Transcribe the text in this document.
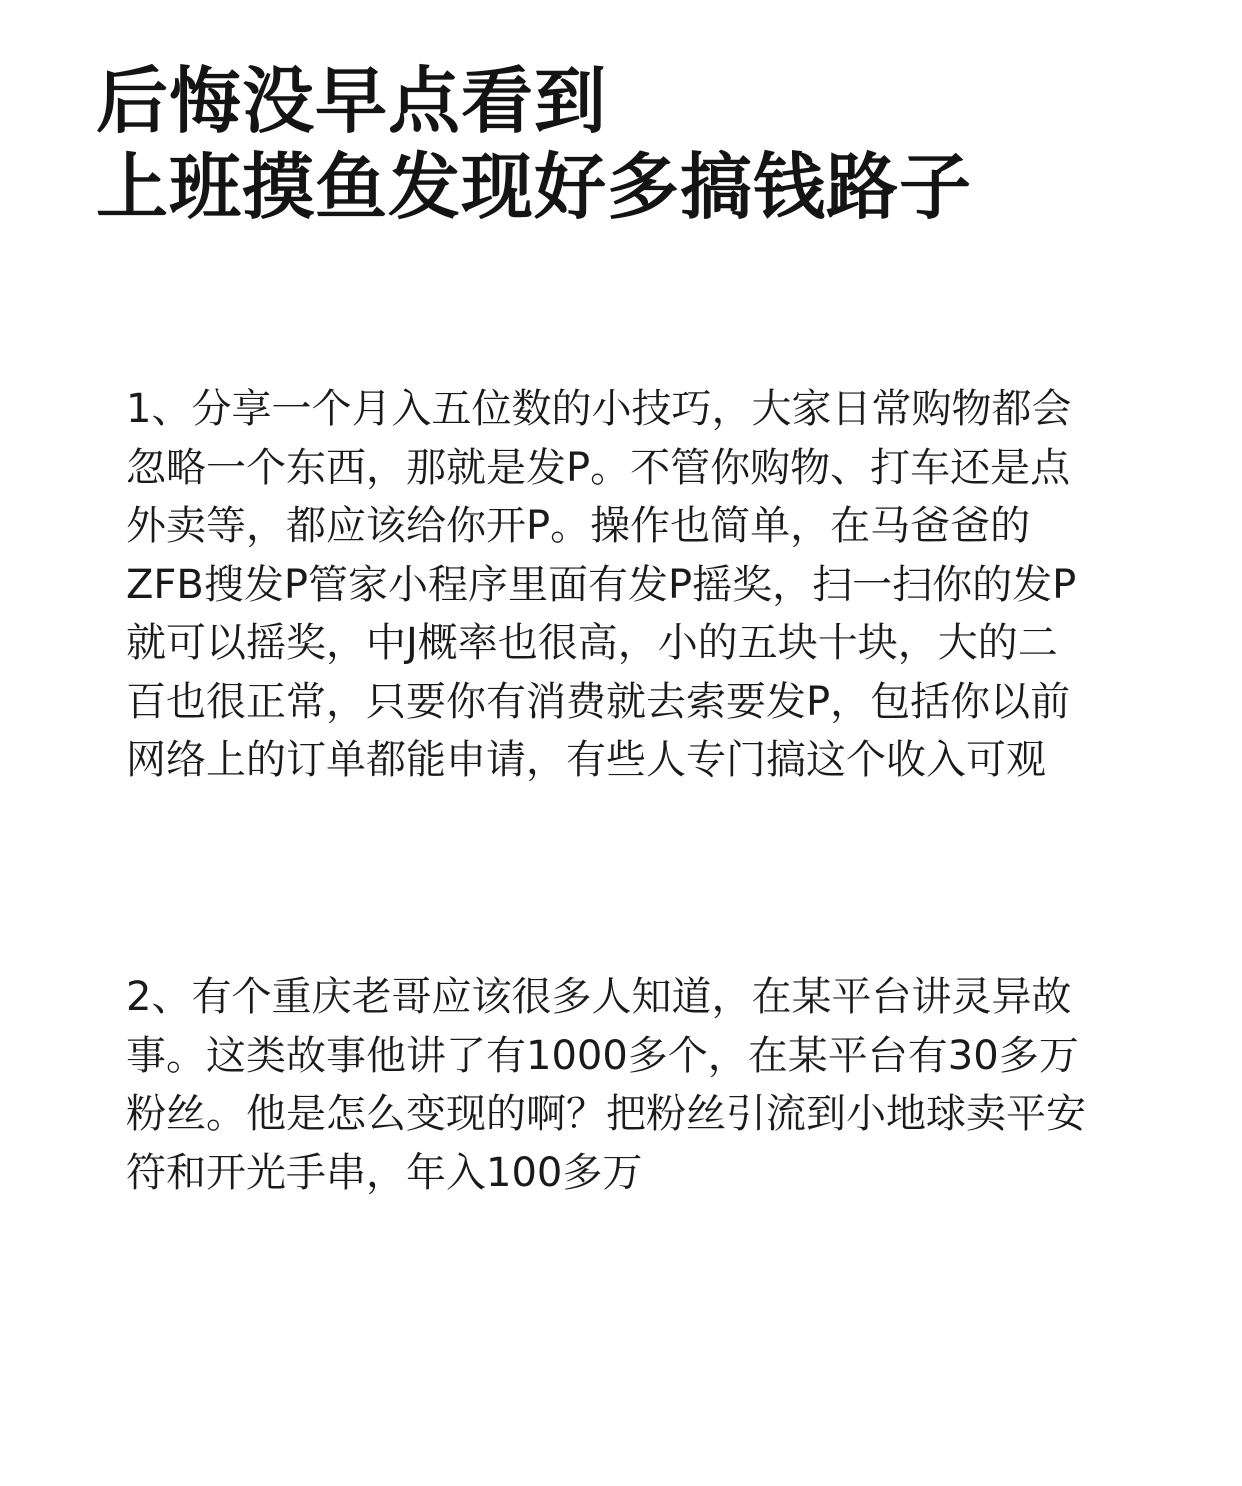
后悔没早点看到
上班摸鱼发现好多搞钱路子
1、分享一个月入五位数的小技巧，大家日常购物都会
忽略一个东西，那就是发P。不管你购物、打车还是点
外卖等，都应该给你开P。操作也简单，在马爸爸的
ZFB搜发P管家小程序里面有发P摇奖，扫一扫你的发P
就可以摇奖，中J概率也很高，小的五块十块，大的二
百也很正常，只要你有消费就去索要发P，包括你以前
网络上的订单都能申请，有些人专门搞这个收入可观
2、有个重庆老哥应该很多人知道，在某平台讲灵异故
事。这类故事他讲了有1000多个，在某平台有30多万
粉丝。他是怎么变现的啊？把粉丝引流到小地球卖平安
符和开光手串，年入100多万
